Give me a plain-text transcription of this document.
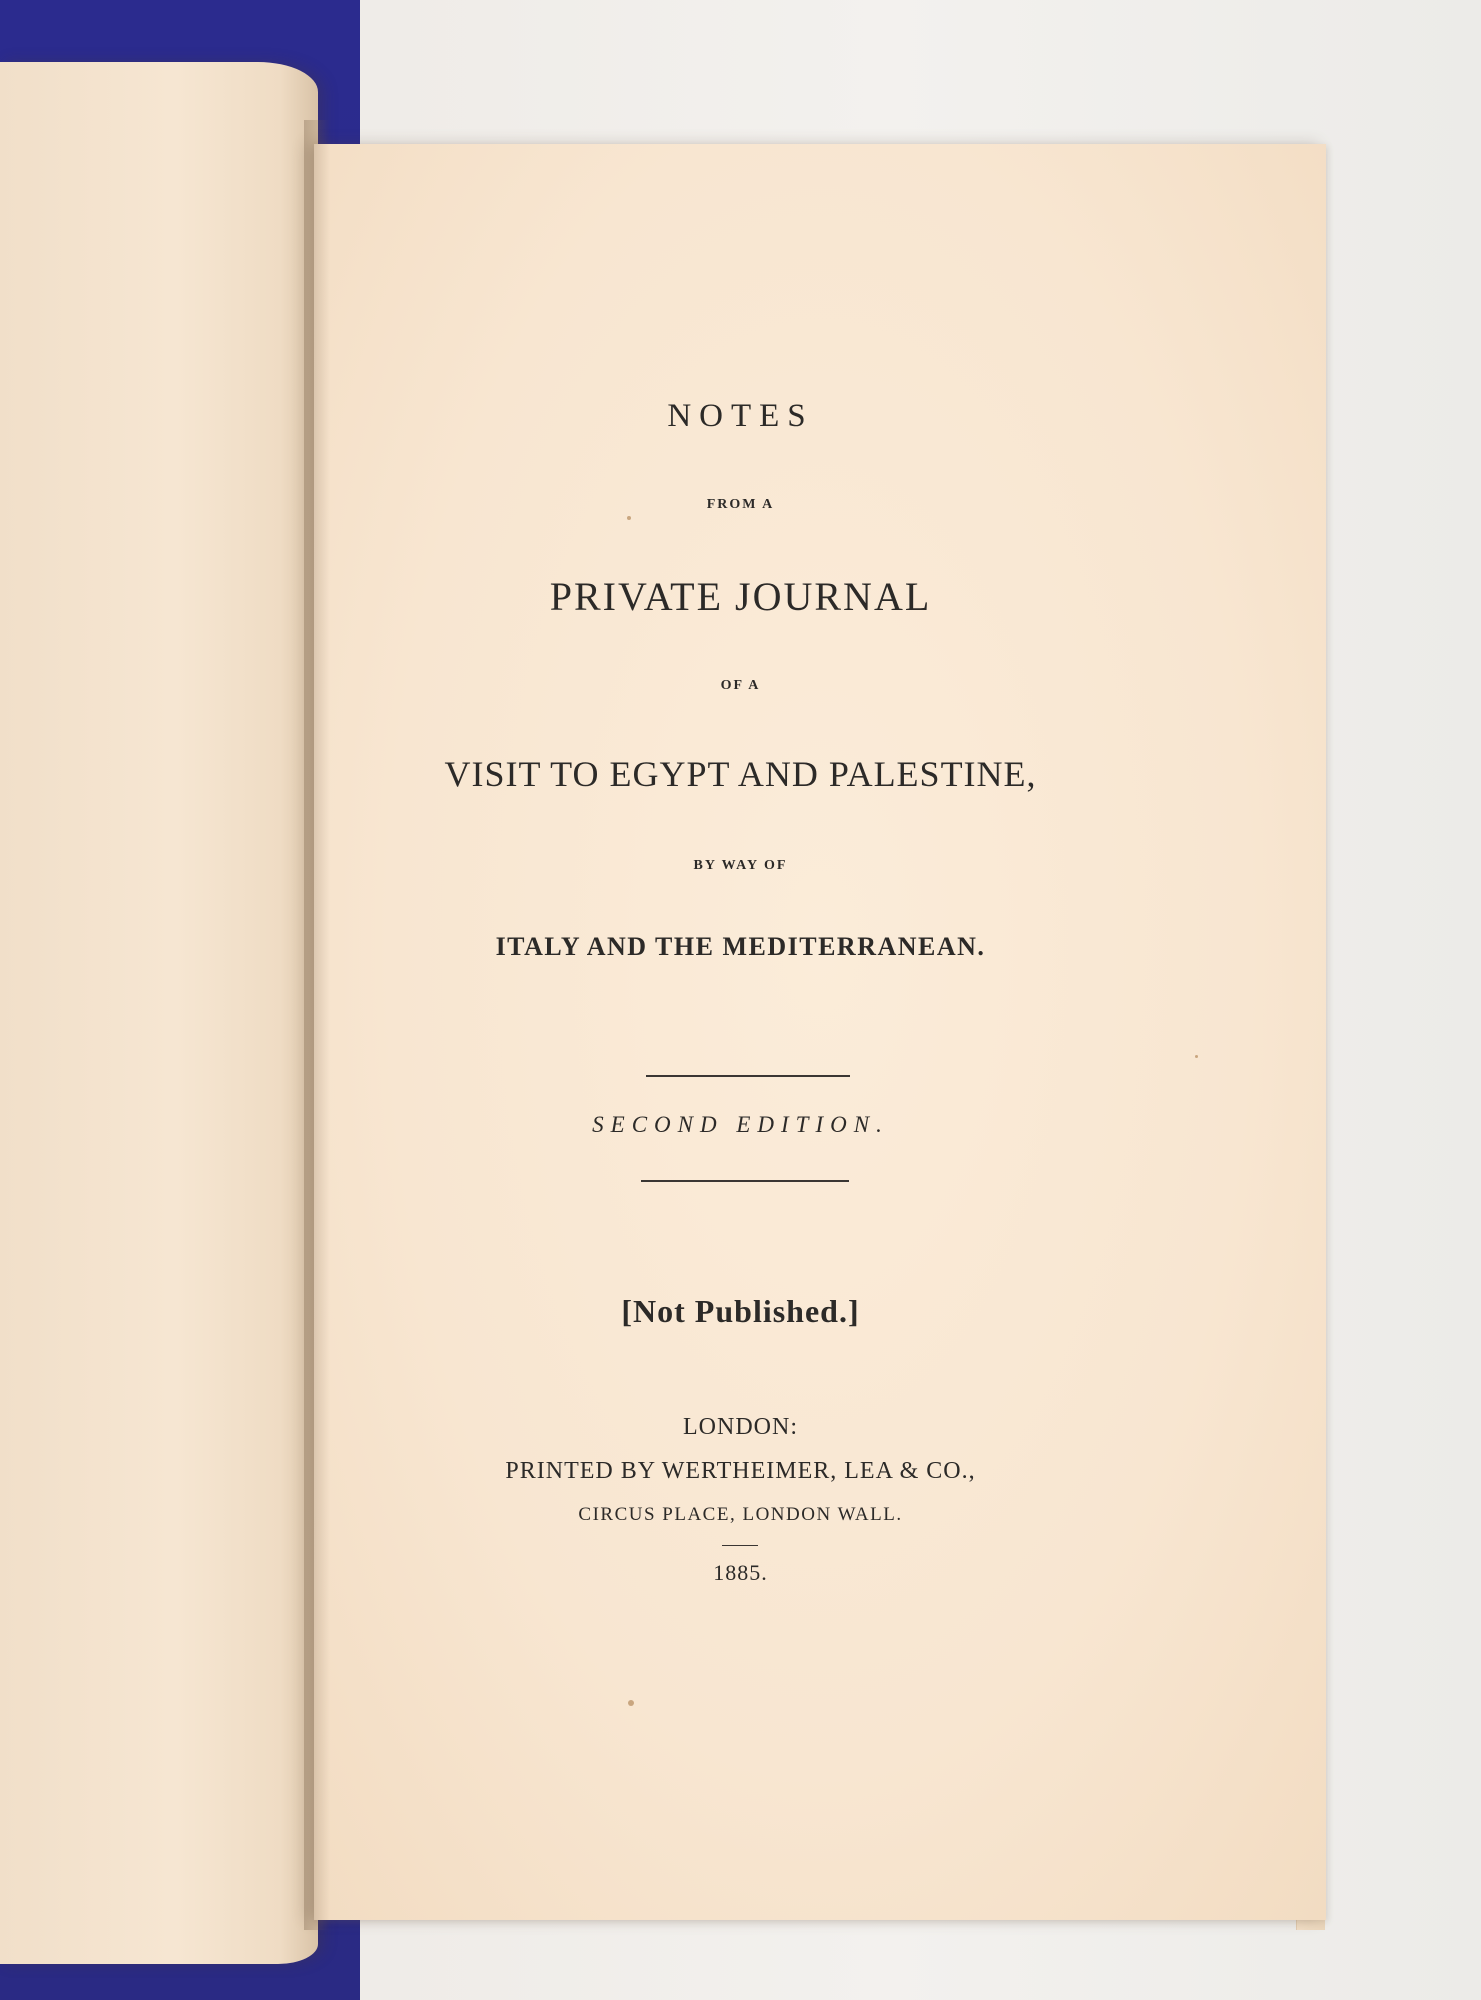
NOTES
FROM A
PRIVATE JOURNAL
OF A
VISIT TO EGYPT AND PALESTINE,
BY WAY OF
ITALY AND THE MEDITERRANEAN.
SECOND EDITION.
[Not Published.]
LONDON:
PRINTED BY WERTHEIMER, LEA & CO.,
CIRCUS PLACE, LONDON WALL.
1885.
